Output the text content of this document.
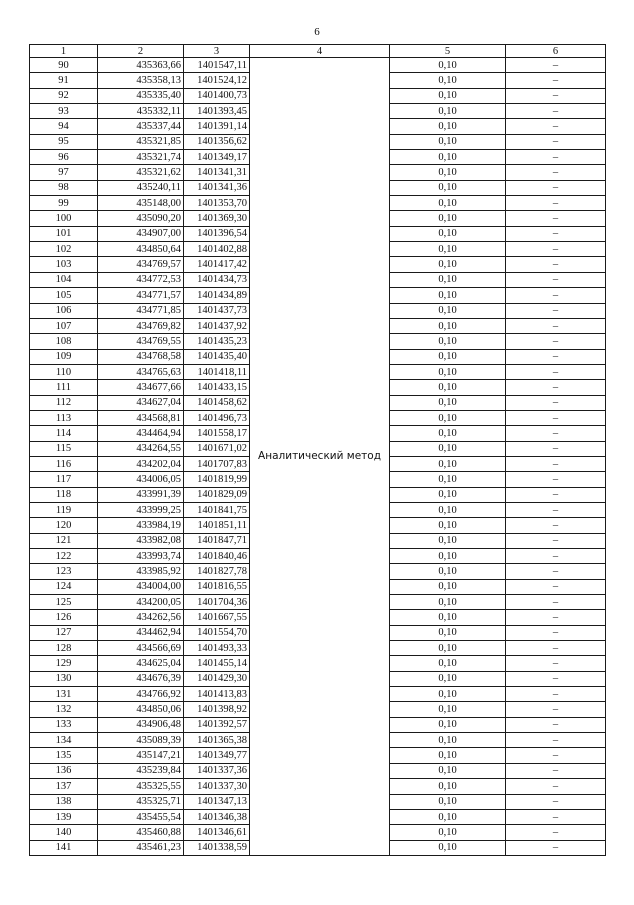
6
1	2	3	4	5	6
90	435363,66	1401547,11	Аналитический метод	0,10	–
91	435358,13	1401524,12		0,10	–
92	435335,40	1401400,73		0,10	–
93	435332,11	1401393,45		0,10	–
94	435337,44	1401391,14		0,10	–
95	435321,85	1401356,62		0,10	–
96	435321,74	1401349,17		0,10	–
97	435321,62	1401341,31		0,10	–
98	435240,11	1401341,36		0,10	–
99	435148,00	1401353,70		0,10	–
100	435090,20	1401369,30		0,10	–
101	434907,00	1401396,54		0,10	–
102	434850,64	1401402,88		0,10	–
103	434769,57	1401417,42		0,10	–
104	434772,53	1401434,73		0,10	–
105	434771,57	1401434,89		0,10	–
106	434771,85	1401437,73		0,10	–
107	434769,82	1401437,92		0,10	–
108	434769,55	1401435,23		0,10	–
109	434768,58	1401435,40		0,10	–
110	434765,63	1401418,11		0,10	–
111	434677,66	1401433,15		0,10	–
112	434627,04	1401458,62		0,10	–
113	434568,81	1401496,73		0,10	–
114	434464,94	1401558,17		0,10	–
115	434264,55	1401671,02		0,10	–
116	434202,04	1401707,83		0,10	–
117	434006,05	1401819,99		0,10	–
118	433991,39	1401829,09		0,10	–
119	433999,25	1401841,75		0,10	–
120	433984,19	1401851,11		0,10	–
121	433982,08	1401847,71		0,10	–
122	433993,74	1401840,46		0,10	–
123	433985,92	1401827,78		0,10	–
124	434004,00	1401816,55		0,10	–
125	434200,05	1401704,36		0,10	–
126	434262,56	1401667,55		0,10	–
127	434462,94	1401554,70		0,10	–
128	434566,69	1401493,33		0,10	–
129	434625,04	1401455,14		0,10	–
130	434676,39	1401429,30		0,10	–
131	434766,92	1401413,83		0,10	–
132	434850,06	1401398,92		0,10	–
133	434906,48	1401392,57		0,10	–
134	435089,39	1401365,38		0,10	–
135	435147,21	1401349,77		0,10	–
136	435239,84	1401337,36		0,10	–
137	435325,55	1401337,30		0,10	–
138	435325,71	1401347,13		0,10	–
139	435455,54	1401346,38		0,10	–
140	435460,88	1401346,61		0,10	–
141	435461,23	1401338,59		0,10	–
